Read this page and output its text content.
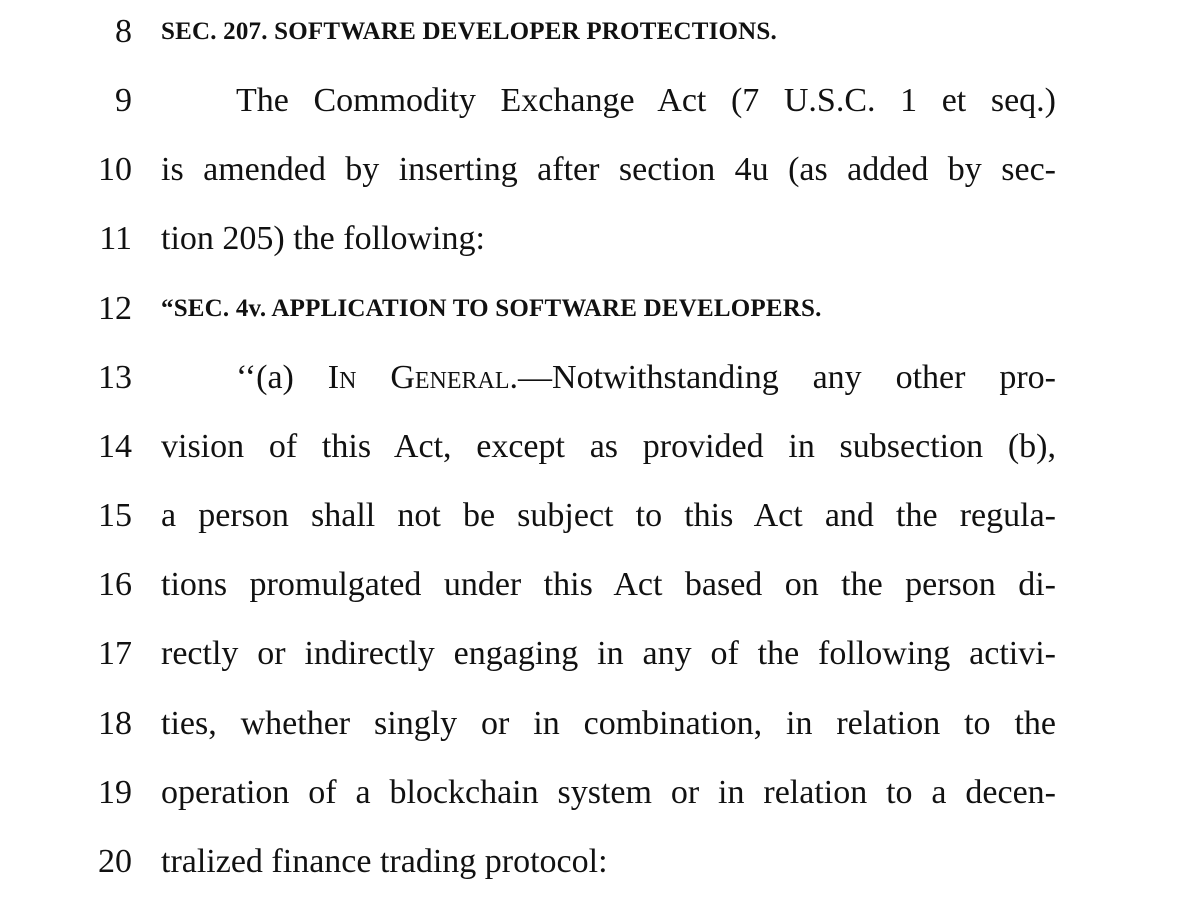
8 SEC. 207. SOFTWARE DEVELOPER PROTECTIONS.
9	The Commodity Exchange Act (7 U.S.C. 1 et seq.)
10 is amended by inserting after section 4u (as added by sec-
11 tion 205) the following:
12 “SEC. 4v. APPLICATION TO SOFTWARE DEVELOPERS.
13	‘‘(a) In General.—Notwithstanding any other pro-
14 vision of this Act, except as provided in subsection (b),
15 a person shall not be subject to this Act and the regula-
16 tions promulgated under this Act based on the person di-
17 rectly or indirectly engaging in any of the following activi-
18 ties, whether singly or in combination, in relation to the
19 operation of a blockchain system or in relation to a decen-
20 tralized finance trading protocol:
